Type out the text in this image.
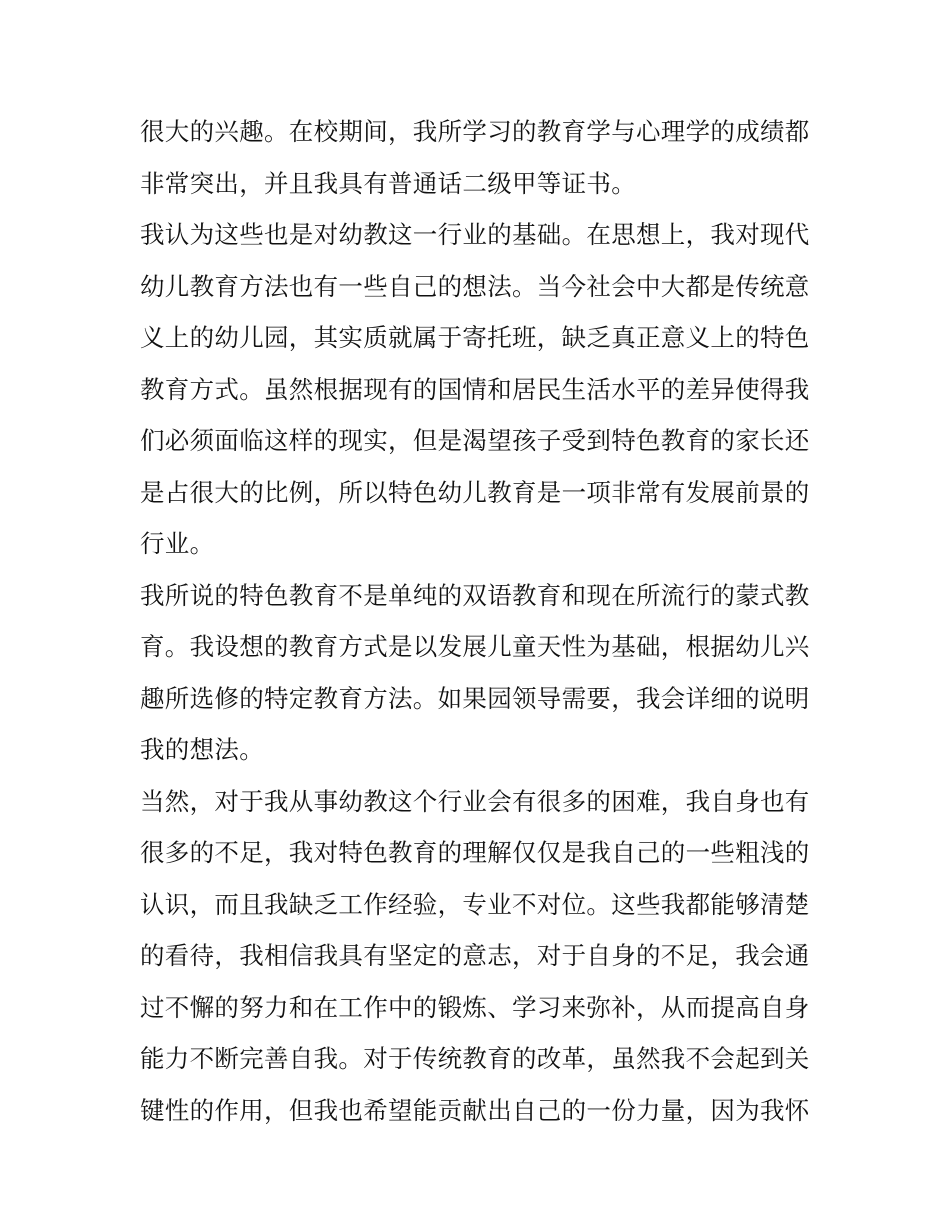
很大的兴趣。在校期间，我所学习的教育学与心理学的成绩都
非常突出，并且我具有普通话二级甲等证书。
我认为这些也是对幼教这一行业的基础。在思想上，我对现代
幼儿教育方法也有一些自己的想法。当今社会中大都是传统意
义上的幼儿园，其实质就属于寄托班，缺乏真正意义上的特色
教育方式。虽然根据现有的国情和居民生活水平的差异使得我
们必须面临这样的现实，但是渴望孩子受到特色教育的家长还
是占很大的比例，所以特色幼儿教育是一项非常有发展前景的
行业。
我所说的特色教育不是单纯的双语教育和现在所流行的蒙式教
育。我设想的教育方式是以发展儿童天性为基础，根据幼儿兴
趣所选修的特定教育方法。如果园领导需要，我会详细的说明
我的想法。
当然，对于我从事幼教这个行业会有很多的困难，我自身也有
很多的不足，我对特色教育的理解仅仅是我自己的一些粗浅的
认识，而且我缺乏工作经验，专业不对位。这些我都能够清楚
的看待，我相信我具有坚定的意志，对于自身的不足，我会通
过不懈的努力和在工作中的锻炼、学习来弥补，从而提高自身
能力不断完善自我。对于传统教育的改革，虽然我不会起到关
键性的作用，但我也希望能贡献出自己的一份力量，因为我怀
